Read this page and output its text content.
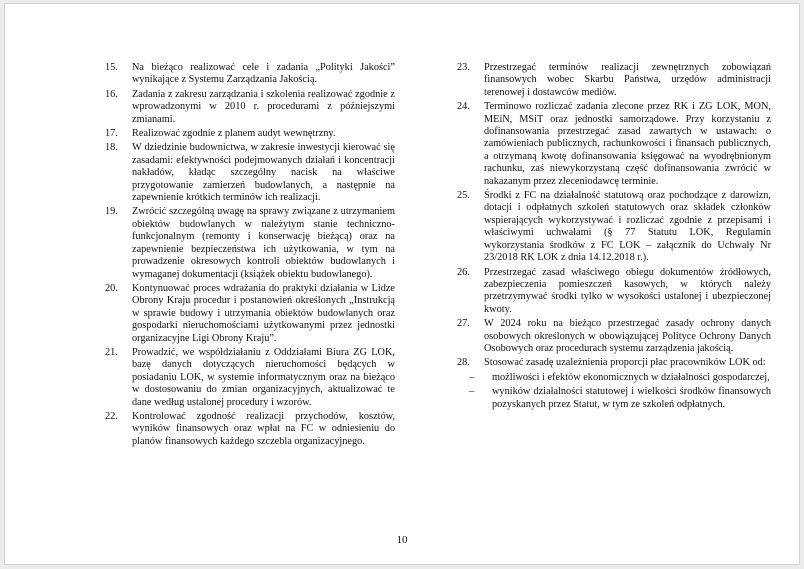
15. Na bieżąco realizować cele i zadania „Polityki Jakości” wynikające z Systemu Zarządzania Jakością.
16. Zadania z zakresu zarządzania i szkolenia realizować zgodnie z wprowadzonymi w 2010 r. procedurami z późniejszymi zmianami.
17. Realizować zgodnie z planem audyt wewnętrzny.
18. W dziedzinie budownictwa, w zakresie inwestycji kierować się zasadami: efektywności podejmowanych działań i koncentracji nakładów, kładąc szczególny nacisk na właściwe przygotowanie zamierzeń budowlanych, a następnie na zapewnienie krótkich terminów ich realizacji.
19. Zwrócić szczególną uwagę na sprawy związane z utrzymaniem obiektów budowlanych w należytym stanie techniczno-funkcjonalnym (remonty i konserwację bieżącą) oraz na zapewnienie bezpieczeństwa ich użytkowania, w tym na prowadzenie okresowych kontroli obiektów budowlanych i wymaganej dokumentacji (książek obiektu budowlanego).
20. Kontynuować proces wdrażania do praktyki działania w Lidze Obrony Kraju procedur i postanowień określonych „Instrukcją w sprawie budowy i utrzymania obiektów budowlanych oraz gospodarki nieruchomościami użytkowanymi przez jednostki organizacyjne Ligi Obrony Kraju”.
21. Prowadzić, we współdziałaniu z Oddziałami Biura ZG LOK, bazę danych dotyczących nieruchomości będących w posiadaniu LOK, w systemie informatycznym oraz na bieżąco w dostosowaniu do zmian organizacyjnych, aktualizować te dane według ustalonej procedury i wzorów.
22. Kontrolować zgodność realizacji przychodów, kosztów, wyników finansowych oraz wpłat na FC w odniesieniu do planów finansowych każdego szczebla organizacyjnego.
23. Przestrzegać terminów realizacji zewnętrznych zobowiązań finansowych wobec Skarbu Państwa, urzędów administracji terenowej i dostawców mediów.
24. Terminowo rozliczać zadania zlecone przez RK i ZG LOK, MON, MEiN, MSiT oraz jednostki samorządowe. Przy korzystaniu z dofinansowania przestrzegać zasad zawartych w ustawach: o zamówieniach publicznych, rachunkowości i finansach publicznych, a otrzymaną kwotę dofinansowania księgować na wyodrębnionym rachunku, zaś niewykorzystaną część dofinansowania zwrócić w nakazanym przez zleceniodawcę terminie.
25. Środki z FC na działalność statutową oraz pochodzące z darowizn, dotacji i odpłatnych szkoleń statutowych oraz składek członków wspierających wykorzystywać i rozliczać zgodnie z przepisami i właściwymi uchwałami (§ 77 Statutu LOK, Regulamin wykorzystania środków z FC LOK – załącznik do Uchwały Nr 23/2018 RK LOK z dnia 14.12.2018 r.).
26. Przestrzegać zasad właściwego obiegu dokumentów źródłowych, zabezpieczenia pomieszczeń kasowych, w których należy przetrzymywać środki tylko w wysokości ustalonej i ubezpieczonej kwoty.
27. W 2024 roku na bieżąco przestrzegać zasady ochrony danych osobowych określonych w obowiązującej Polityce Ochrony Danych Osobowych oraz procedurach systemu zarządzenia jakością.
28. Stosować zasadę uzależnienia proporcji płac pracowników LOK od:
– możliwości i efektów ekonomicznych w działalności gospodarczej,
– wyników działalności statutowej i wielkości środków finansowych pozyskanych przez Statut, w tym ze szkoleń odpłatnych.
10
